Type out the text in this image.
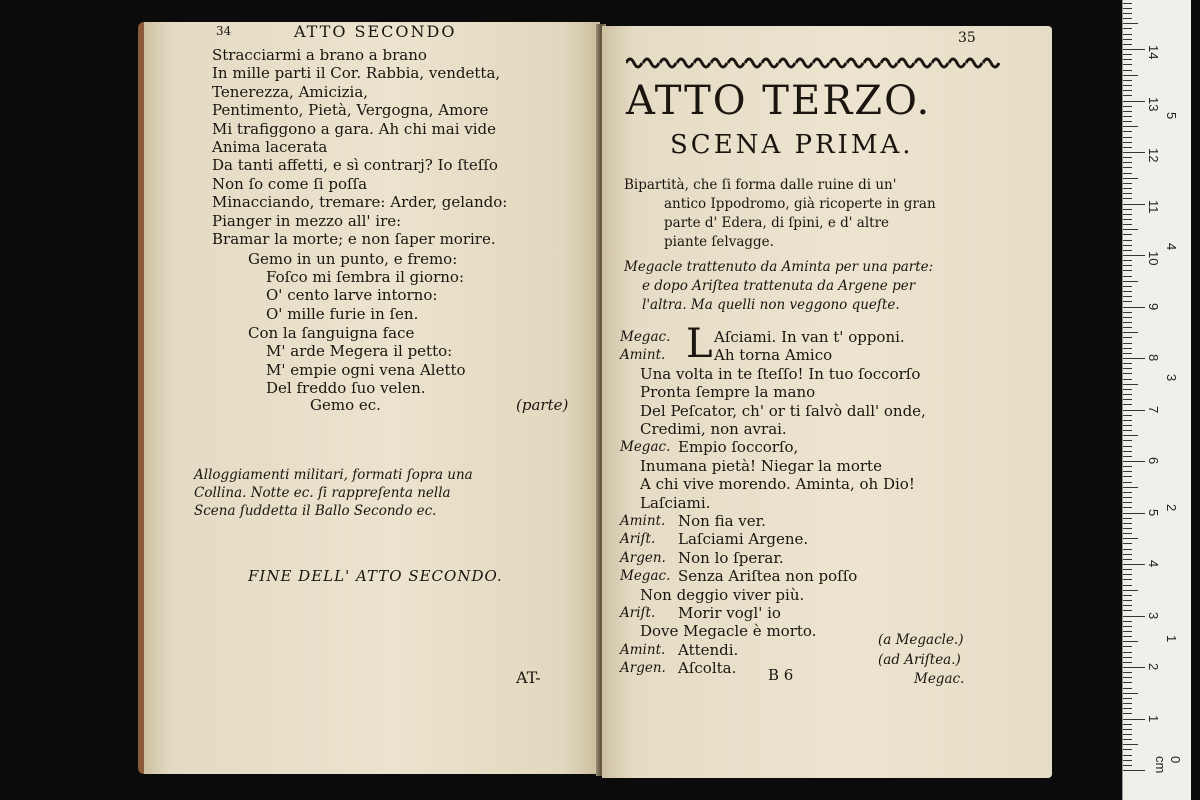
34	ATTO SECONDO
Stracciarmi a brano a brano
In mille parti il Cor. Rabbia, vendetta,
Tenerezza, Amicizia,
Pentimento, Pietà, Vergogna, Amore
Mi trafiggono a gara. Ah chi mai vide
Anima lacerata
Da tanti affetti, e sì contrarj? Io ſteſſo
Non ſo come ſi poſſa
Minacciando, tremare: Arder, gelando:
Pianger in mezzo all' ire:
Bramar la morte; e non ſaper morire.
Gemo in un punto, e fremo:
Foſco mi ſembra il giorno:
O' cento larve intorno:
O' mille furie in ſen.
Con la ſanguigna face
M' arde Megera il petto:
M' empie ogni vena Aletto
Del freddo ſuo velen.
Gemo ec.	(parte)
Alloggiamenti militari, formati ſopra una
Collina. Notte ec. ſi rappreſenta nella
Scena ſuddetta il Ballo Secondo ec.
FINE DELL' ATTO SECONDO.
AT-
35
ATTO TERZO.
SCENA PRIMA.
Bipartità, che ſi forma dalle ruine di un'
antico Ippodromo, già ricoperte in gran
parte d' Edera, di ſpini, e d' altre
piante ſelvagge.
Megacle trattenuto da Aminta per una parte:
e dopo Ariſtea trattenuta da Argene per
l'altra. Ma quelli non veggono queſte.
L
Megac.	Aſciami. In van t' opponi.
Amint.	Ah torna Amico
Una volta in te ſteſſo! In tuo ſoccorſo
Pronta ſempre la mano
Del Peſcator, ch' or ti ſalvò dall' onde,
Credimi, non avrai.
Megac. Empio ſoccorſo,
Inumana pietà! Niegar la morte
A chi vive morendo. Aminta, oh Dio!
Laſciami.
Amint. Non fia ver.
Ariſt. Laſciami Argene.
Argen. Non lo ſperar.
Megac. Senza Ariſtea non poſſo
Non deggio viver più.
Ariſt. Morir vogl' io
Dove Megacle è morto.
Amint. Attendi.
Argen. Aſcolta.
(a Megacle.)
(ad Ariſtea.)
B 6	Megac.
0 cm
1
2
3
4
5
6
7
8
9
10
11
12
13
14
1
2
3
4
5
